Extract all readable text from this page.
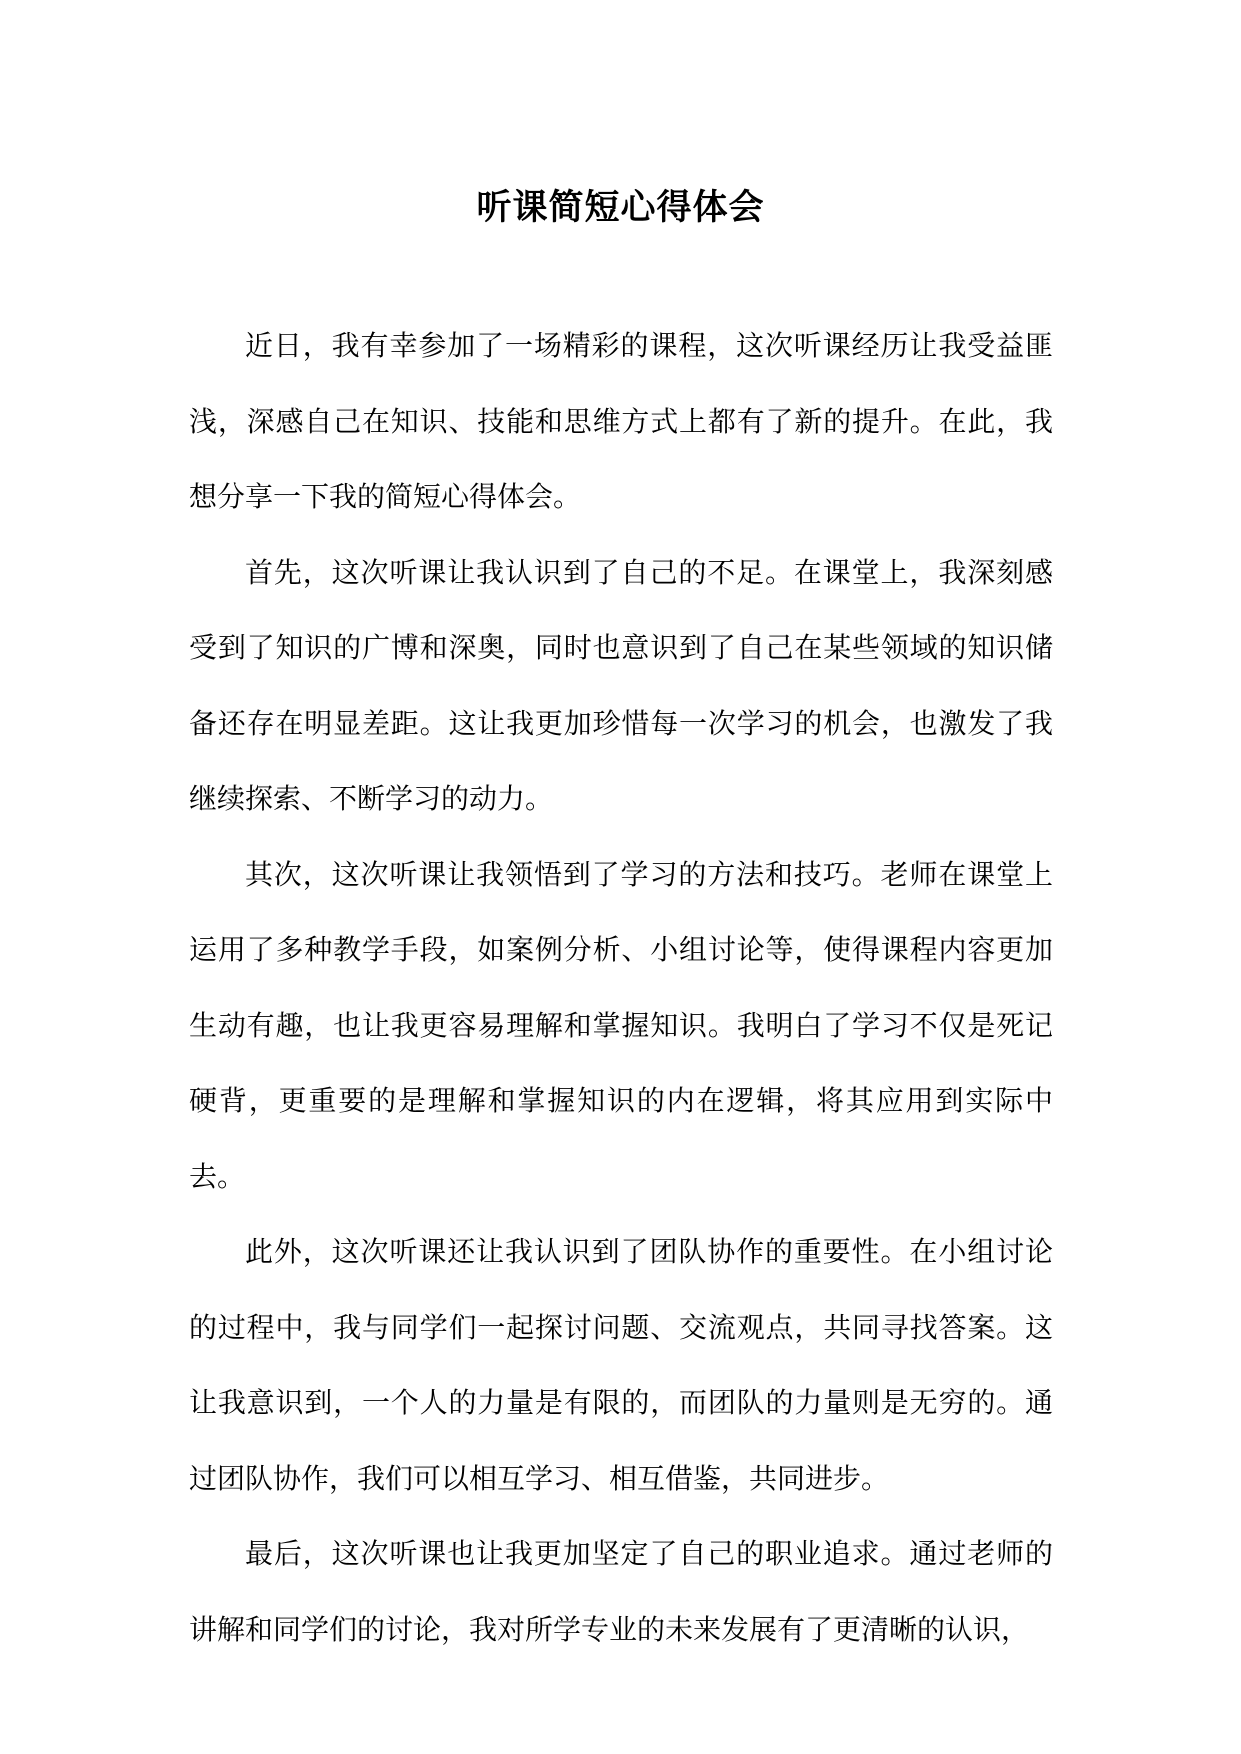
听课简短心得体会

近日，我有幸参加了一场精彩的课程，这次听课经历让我受益匪浅，深感自己在知识、技能和思维方式上都有了新的提升。在此，我想分享一下我的简短心得体会。

首先，这次听课让我认识到了自己的不足。在课堂上，我深刻感受到了知识的广博和深奥，同时也意识到了自己在某些领域的知识储备还存在明显差距。这让我更加珍惜每一次学习的机会，也激发了我继续探索、不断学习的动力。

其次，这次听课让我领悟到了学习的方法和技巧。老师在课堂上运用了多种教学手段，如案例分析、小组讨论等，使得课程内容更加生动有趣，也让我更容易理解和掌握知识。我明白了学习不仅是死记硬背，更重要的是理解和掌握知识的内在逻辑，将其应用到实际中去。

此外，这次听课还让我认识到了团队协作的重要性。在小组讨论的过程中，我与同学们一起探讨问题、交流观点，共同寻找答案。这让我意识到，一个人的力量是有限的，而团队的力量则是无穷的。通过团队协作，我们可以相互学习、相互借鉴，共同进步。

最后，这次听课也让我更加坚定了自己的职业追求。通过老师的讲解和同学们的讨论，我对所学专业的未来发展有了更清晰的认识，
